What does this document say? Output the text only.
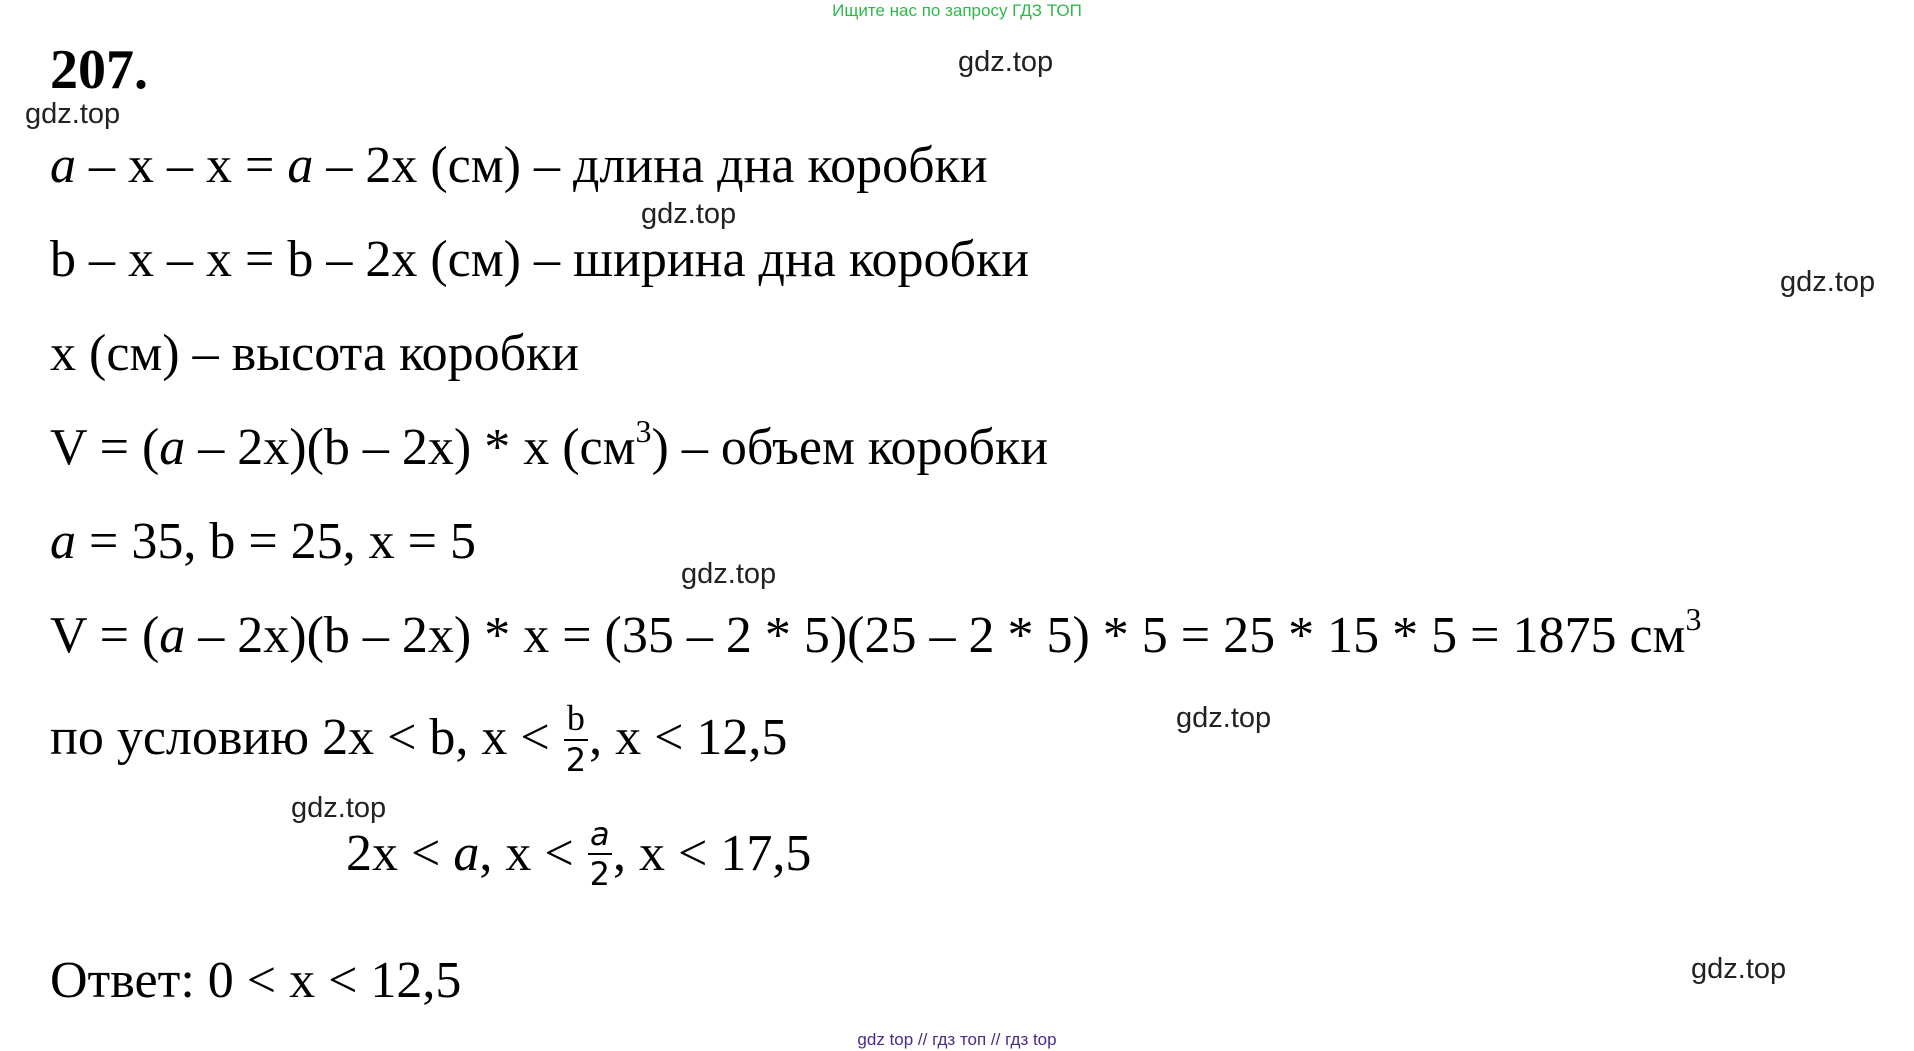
Ищите нас по запросу ГДЗ ТОП
207.	gdz.top
gdz.top
gdz.top
gdz.top
gdz.top
gdz.top
gdz.top
gdz.top
a – x – x = a – 2x (см) – длина дна коробки
b – x – x = b – 2x (см) – ширина дна коробки
x (см) – высота коробки
V = (a – 2x)(b – 2x) * x $(см^3)$ – объем коробки
a = 35, b = 25, x = 5
V = (a – 2x)(b – 2x) * x = (35 – 2 * 5)(25 – 2 * 5) * 5 = 25 * 15 * 5 = 1875 $см^3$
по условию 2x < b, $x < \frac{b}{2}$ , x < 12,5
2x < a, $x < \frac{a}{2}$ , x < 17,5
Ответ: 0 < x < 12,5
gdz top // гдз топ // гдз top
